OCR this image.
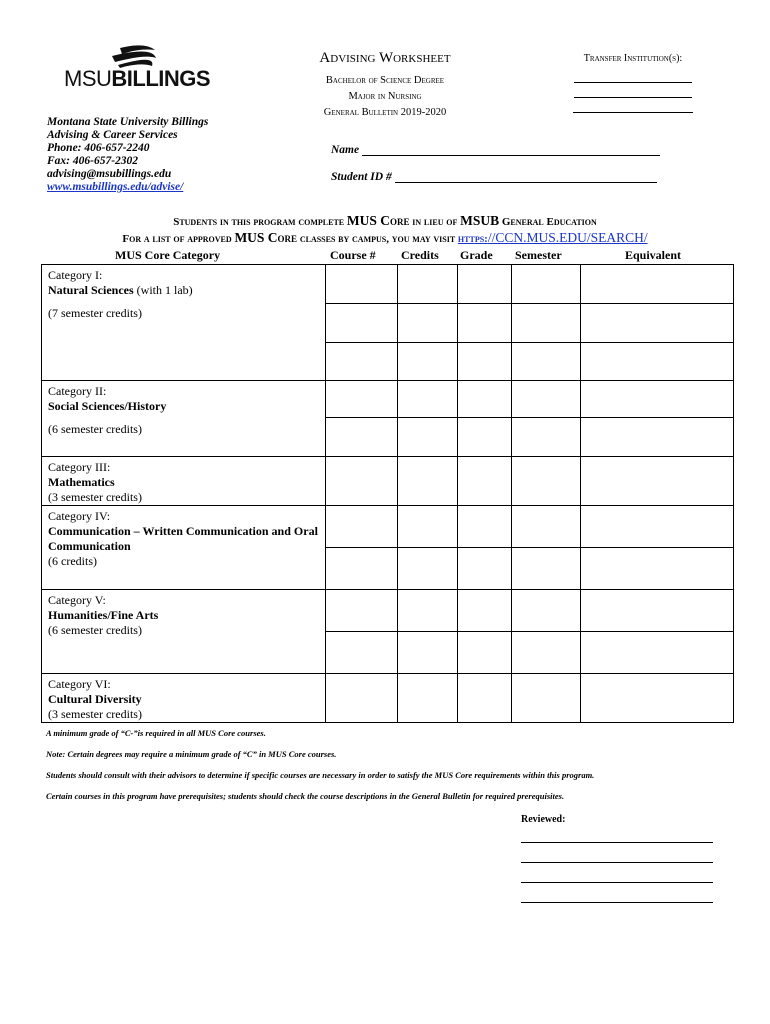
MSUBILLINGS
Montana State University Billings
Advising & Career Services
Phone: 406-657-2240
Fax: 406-657-2302
advising@msubillings.edu
www.msubillings.edu/advise/
Advising Worksheet
Bachelor of Science Degree
Major in Nursing
General Bulletin 2019-2020
Transfer Institution(s):
Name
Student ID #
Students in this program complete MUS Core in lieu of MSUB General Education
For a list of approved MUS Core classes by campus, you may visit https://CCN.MUS.EDU/SEARCH/
MUS Core Category	Course # Credits Grade Semester	Equivalent
Category I:
Natural Sciences (with 1 lab)
(7 semester credits)					

Category II:
Social Sciences/History
(6 semester credits)					

Category III:
Mathematics
(3 semester credits)					

Category IV:
Communication – Written Communication and Oral Communication
(6 credits)					

Category V:
Humanities/Fine Arts
(6 semester credits)					

Category VI:
Cultural Diversity
(3 semester credits)					

A minimum grade of “C-”is required in all MUS Core courses.
Note: Certain degrees may require a minimum grade of “C” in MUS Core courses.
Students should consult with their advisors to determine if specific courses are necessary in order to satisfy the MUS Core requirements within this program.
Certain courses in this program have prerequisites; students should check the course descriptions in the General Bulletin for required prerequisites.
Reviewed:
